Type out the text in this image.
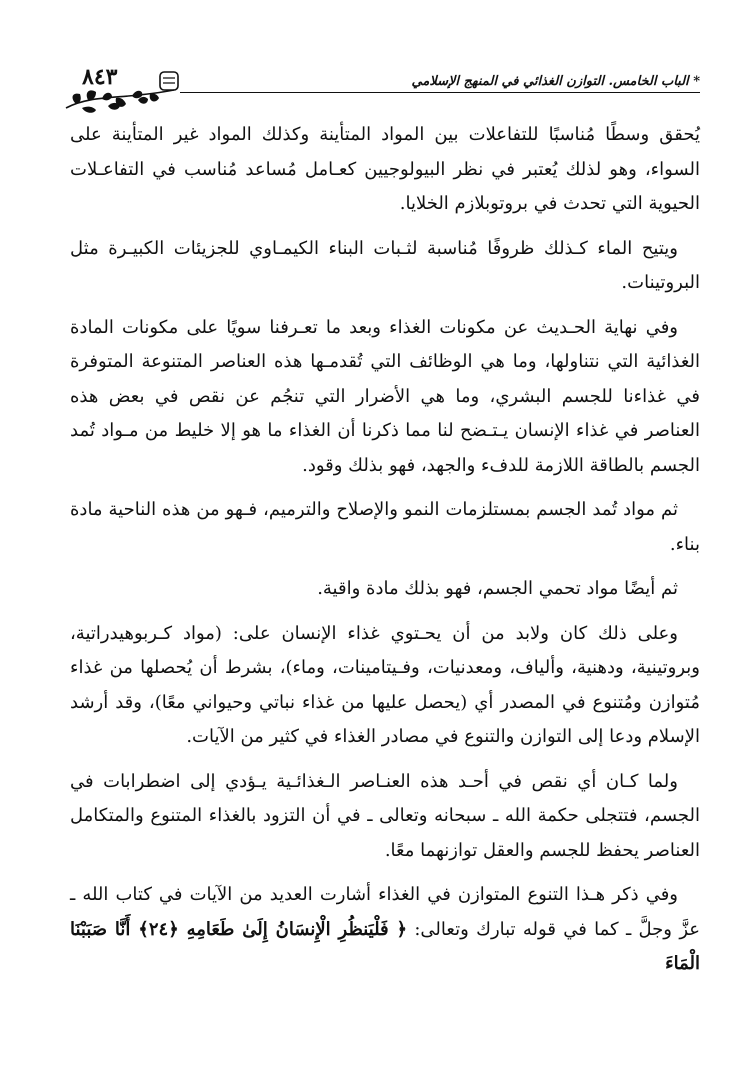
* الباب الخامس. التوازن الغذائي في المنهج الإسلامي
٨٤٣

يُحقق وسطًا مُناسبًا للتفاعلات بين المواد المتأينة وكذلك المواد غير المتأينة على السواء، وهو لذلك يُعتبر في نظر البيولوجيين كعـامل مُساعد مُناسب في التفاعـلات الحيوية التي تحدث في بروتوبلازم الخلايا.

ويتيح الماء كـذلك ظروفًا مُناسبة لثـبات البناء الكيمـاوي للجزيئات الكبيـرة مثل البروتينات.

وفي نهاية الحـديث عن مكونات الغذاء وبعد ما تعـرفنا سويًا على مكونات المادة الغذائية التي نتناولها، وما هي الوظائف التي تُقدمـها هذه العناصر المتنوعة المتوفرة في غذاءنا للجسم البشري، وما هي الأضرار التي تنجُم عن نقص في بعض هذه العناصر في غذاء الإنسان يـتـضح لنا مما ذكرنا أن الغذاء ما هو إلا خليط من مـواد تُمد الجسم بالطاقة اللازمة للدفء والجهد، فهو بذلك وقود.

ثم مواد تُمد الجسم بمستلزمات النمو والإصلاح والترميم، فـهو من هذه الناحية مادة بناء.

ثم أيضًا مواد تحمي الجسم، فهو بذلك مادة واقية.

وعلى ذلك كان ولابد من أن يحـتوي غذاء الإنسان على: (مواد كـربوهيدراتية، وبروتينية، ودهنية، وألياف، ومعدنيات، وفـيتامينات، وماء)، بشرط أن يُحصلها من غذاء مُتوازن ومُتنوع في المصدر أي (يحصل عليها من غذاء نباتي وحيواني معًا)، وقد أرشد الإسلام ودعا إلى التوازن والتنوع في مصادر الغذاء في كثير من الآيات.

ولما كـان أي نقص في أحـد هذه العنـاصر الـغذائـية يـؤدي إلى اضطرابات في الجسم، فتتجلى حكمة الله ـ سبحانه وتعالى ـ في أن التزود بالغذاء المتنوع والمتكامل العناصر يحفظ للجسم والعقل توازنهما معًا.

وفي ذكر هـذا التنوع المتوازن في الغذاء أشارت العديد من الآيات في كتاب الله ـ عزَّ وجلَّ ـ كما في قوله تبارك وتعالى: ﴿ فَلْيَنظُرِ الْإِنسَانُ إِلَىٰ طَعَامِهِ ﴿٢٤﴾ أَنَّا صَبَبْنَا الْمَاءَ
